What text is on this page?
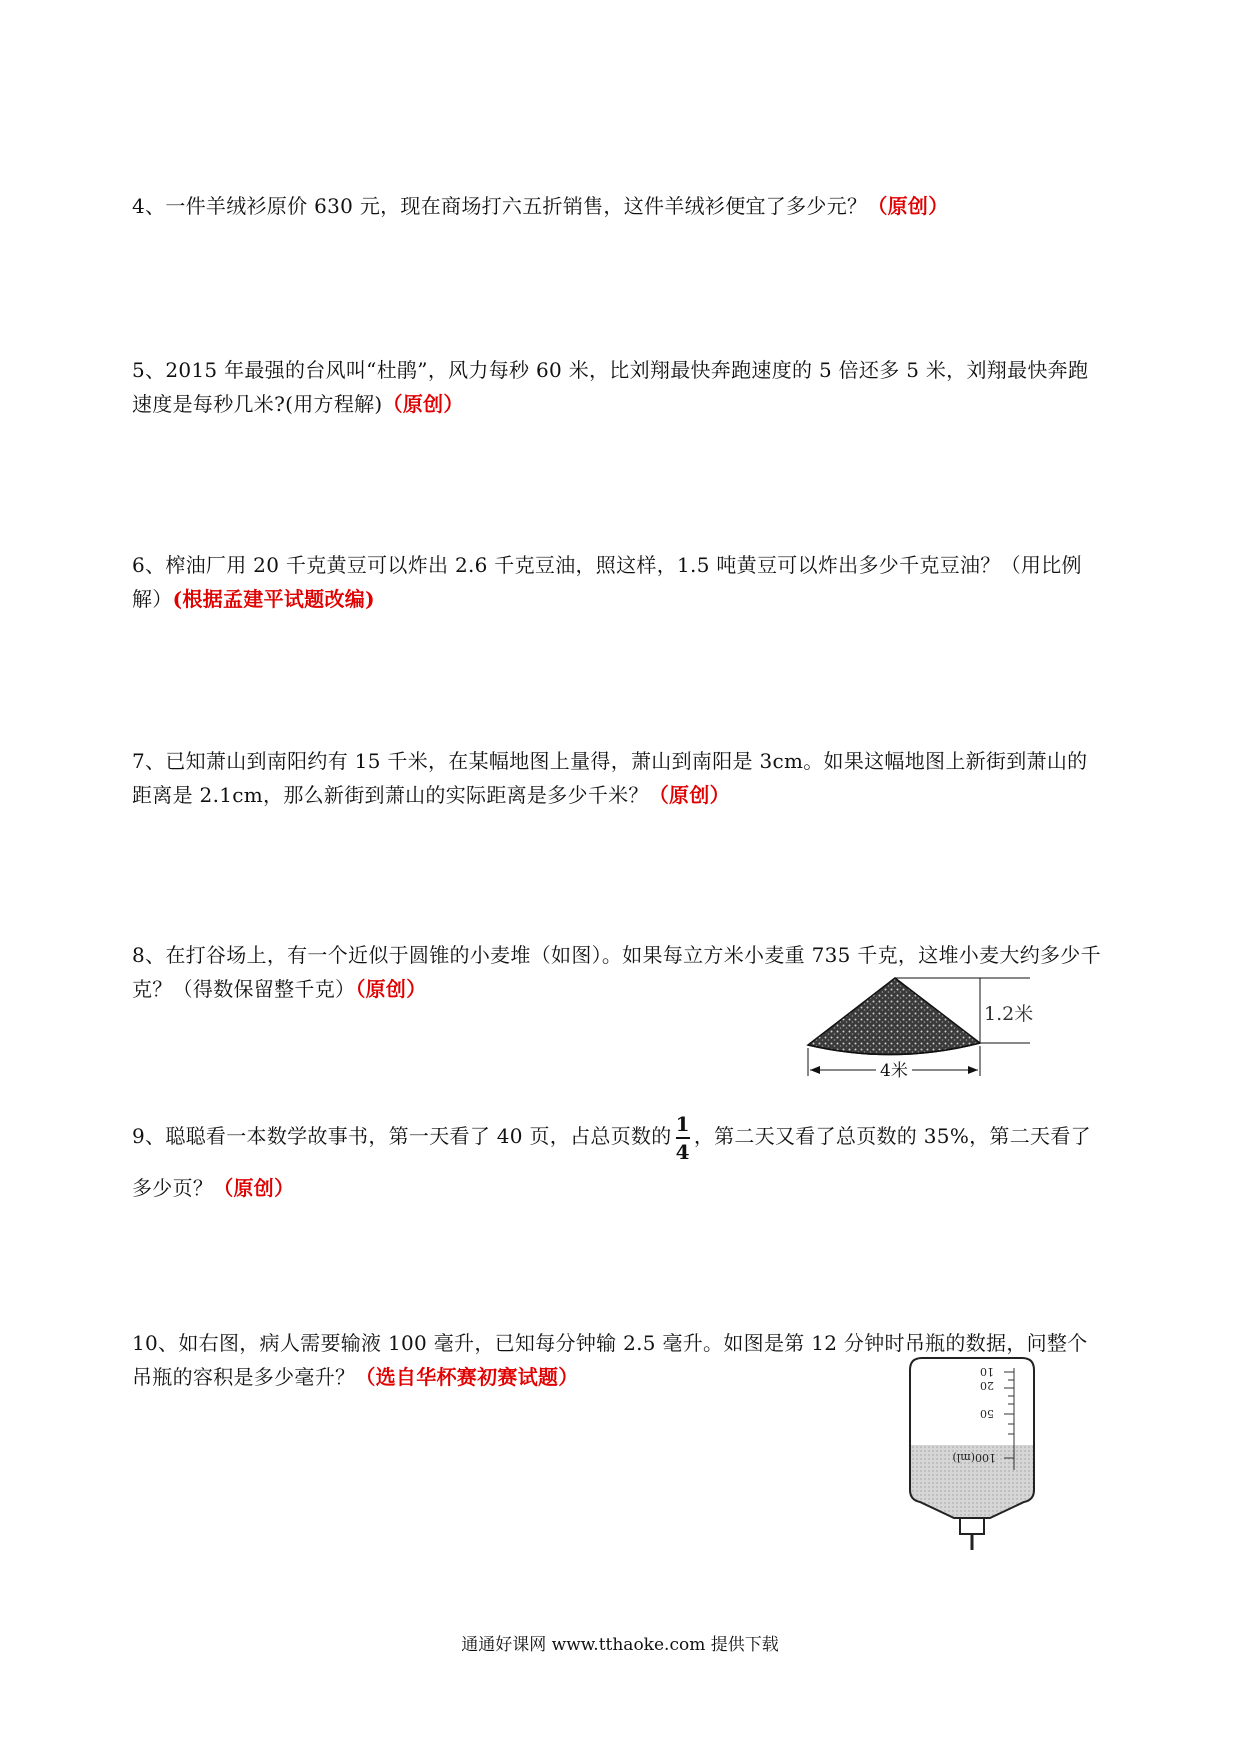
4、一件羊绒衫原价 630 元，现在商场打六五折销售，这件羊绒衫便宜了多少元？（原创）
5、2015 年最强的台风叫“杜鹃”，风力每秒 60 米，比刘翔最快奔跑速度的 5 倍还多 5 米，刘翔最快奔跑速度是每秒几米?(用方程解)（原创）
6、榨油厂用 20 千克黄豆可以炸出 2.6 千克豆油，照这样，1.5 吨黄豆可以炸出多少千克豆油？（用比例解）(根据孟建平试题改编)
7、已知萧山到南阳约有 15 千米，在某幅地图上量得，萧山到南阳是 3cm。如果这幅地图上新街到萧山的距离是 2.1cm，那么新街到萧山的实际距离是多少千米？（原创）
8、在打谷场上，有一个近似于圆锥的小麦堆（如图）。如果每立方米小麦重 735 千克，这堆小麦大约多少千克？（得数保留整千克）（原创）
1.2米
4米
9、聪聪看一本数学故事书，第一天看了 40 页，占总页数的 $\frac{1}{4}$ ，第二天又看了总页数的 35%，第二天看了多少页？（原创）
10、如右图，病人需要输液 100 毫升，已知每分钟输 2.5 毫升。如图是第 12 分钟时吊瓶的数据，问整个吊瓶的容积是多少毫升？（选自华杯赛初赛试题）	10
20
50
100(ml)
通通好课网 www.tthaoke.com 提供下载
